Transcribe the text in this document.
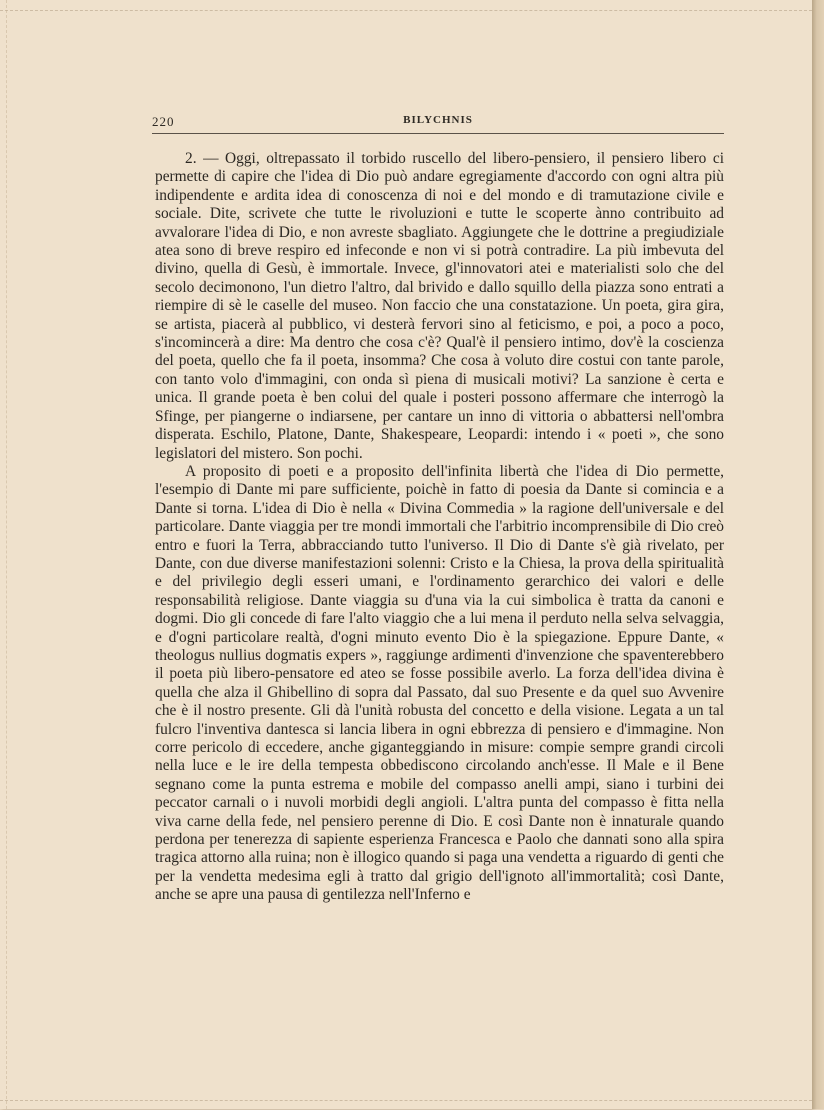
220	BILYCHNIS

2. — Oggi, oltrepassato il torbido ruscello del libero-pensiero, il pensiero libero ci permette di capire che l'idea di Dio può andare egregiamente d'accordo con ogni altra più indipendente e ardita idea di conoscenza di noi e del mondo e di tramutazione civile e sociale. Dite, scrivete che tutte le rivoluzioni e tutte le scoperte ànno contribuito ad avvalorare l'idea di Dio, e non avreste sbagliato. Aggiungete che le dottrine a pregiudiziale atea sono di breve respiro ed infeconde e non vi si potrà contradire. La più imbevuta del divino, quella di Gesù, è immortale. Invece, gl'innovatori atei e materialisti solo che del secolo decimonono, l'un dietro l'altro, dal brivido e dallo squillo della piazza sono entrati a riempire di sè le caselle del museo. Non faccio che una constatazione. Un poeta, gira gira, se artista, piacerà al pubblico, vi desterà fervori sino al feticismo, e poi, a poco a poco, s'incomincerà a dire: Ma dentro che cosa c'è? Qual'è il pensiero intimo, dov'è la coscienza del poeta, quello che fa il poeta, insomma? Che cosa à voluto dire costui con tante parole, con tanto volo d'immagini, con onda sì piena di musicali motivi? La sanzione è certa e unica. Il grande poeta è ben colui del quale i posteri possono affermare che interrogò la Sfinge, per piangerne o indiarsene, per cantare un inno di vittoria o abbattersi nell'ombra disperata. Eschilo, Platone, Dante, Shakespeare, Leopardi: intendo i « poeti », che sono legislatori del mistero. Son pochi.

A proposito di poeti e a proposito dell'infinita libertà che l'idea di Dio permette, l'esempio di Dante mi pare sufficiente, poichè in fatto di poesia da Dante si comincia e a Dante si torna. L'idea di Dio è nella « Divina Commedia » la ragione dell'universale e del particolare. Dante viaggia per tre mondi immortali che l'arbitrio incomprensibile di Dio creò entro e fuori la Terra, abbracciando tutto l'universo. Il Dio di Dante s'è già rivelato, per Dante, con due diverse manifestazioni solenni: Cristo e la Chiesa, la prova della spiritualità e del privilegio degli esseri umani, e l'ordinamento gerarchico dei valori e delle responsabilità religiose. Dante viaggia su d'una via la cui simbolica è tratta da canoni e dogmi. Dio gli concede di fare l'alto viaggio che a lui mena il perduto nella selva selvaggia, e d'ogni particolare realtà, d'ogni minuto evento Dio è la spiegazione. Eppure Dante, « theologus nullius dogmatis expers », raggiunge ardimenti d'invenzione che spaventerebbero il poeta più libero-pensatore ed ateo se fosse possibile averlo. La forza dell'idea divina è quella che alza il Ghibellino di sopra dal Passato, dal suo Presente e da quel suo Avvenire che è il nostro presente. Gli dà l'unità robusta del concetto e della visione. Legata a un tal fulcro l'inventiva dantesca si lancia libera in ogni ebbrezza di pensiero e d'immagine. Non corre pericolo di eccedere, anche giganteggiando in misure: compie sempre grandi circoli nella luce e le ire della tempesta obbediscono circolando anch'esse. Il Male e il Bene segnano come la punta estrema e mobile del compasso anelli ampi, siano i turbini dei peccator carnali o i nuvoli morbidi degli angioli. L'altra punta del compasso è fitta nella viva carne della fede, nel pensiero perenne di Dio. E così Dante non è innaturale quando perdona per tenerezza di sapiente esperienza Francesca e Paolo che dannati sono alla spira tragica attorno alla ruina; non è illogico quando si paga una vendetta a riguardo di genti che per la vendetta medesima egli à tratto dal grigio dell'ignoto all'immortalità; così Dante, anche se apre una pausa di gentilezza nell'Inferno e
